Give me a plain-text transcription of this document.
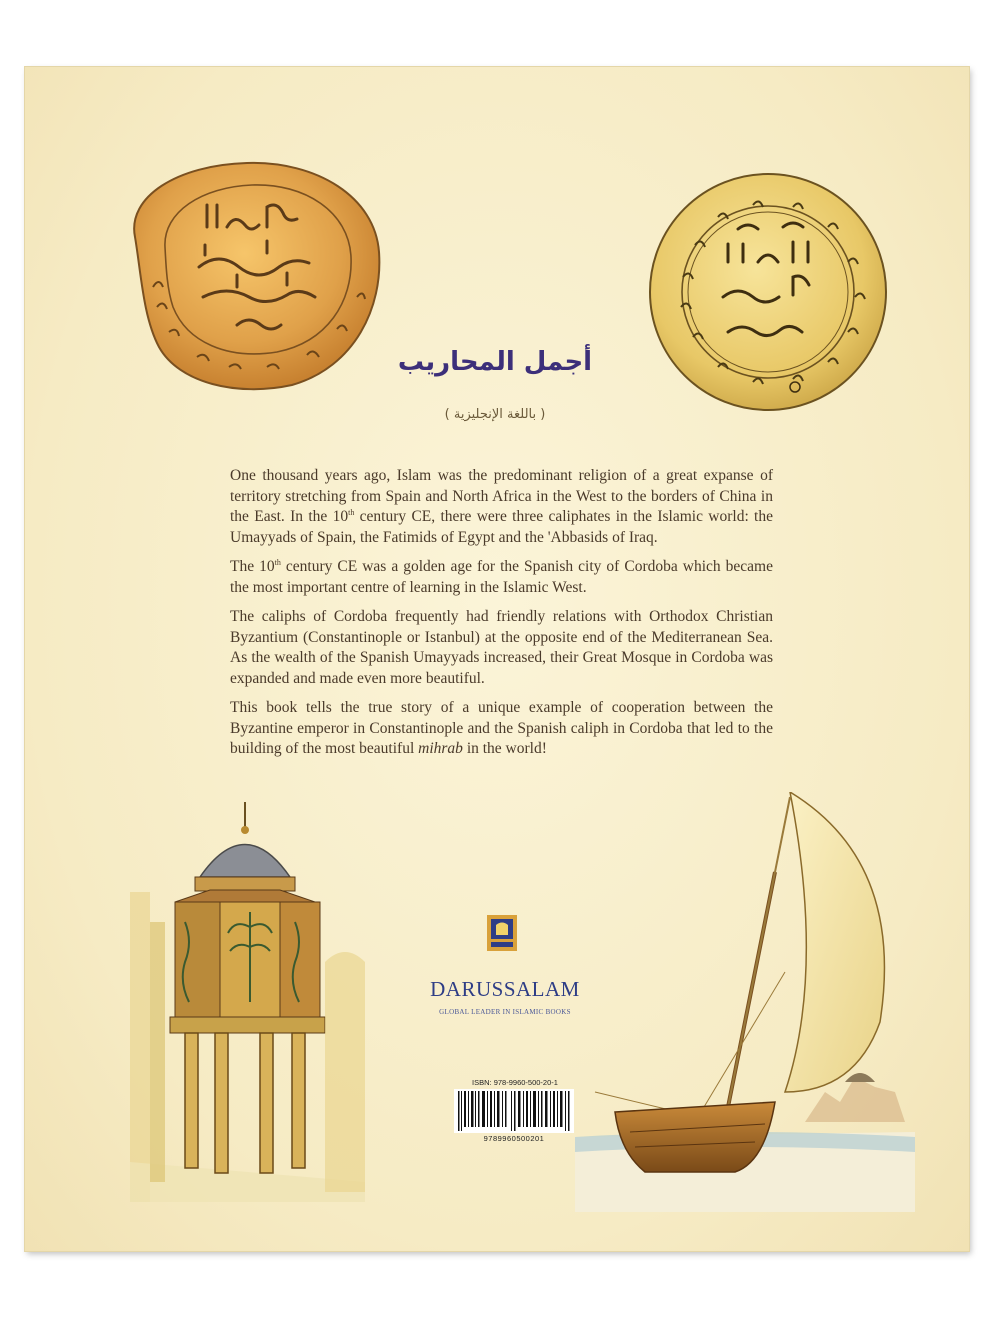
أجمل المحاريب
( باللغة الإنجليزية )

One thousand years ago, Islam was the predominant religion of a great expanse of territory stretching from Spain and North Africa in the West to the borders of China in the East. In the 10th century CE, there were three caliphates in the Islamic world: the Umayyads of Spain, the Fatimids of Egypt and the 'Abbasids of Iraq.

The 10th century CE was a golden age for the Spanish city of Cordoba which became the most important centre of learning in the Islamic West.

The caliphs of Cordoba frequently had friendly relations with Orthodox Christian Byzantium (Constantinople or Istanbul) at the opposite end of the Mediterranean Sea. As the wealth of the Spanish Umayyads increased, their Great Mosque in Cordoba was expanded and made even more beautiful.

This book tells the true story of a unique example of cooperation between the Byzantine emperor in Constantinople and the Spanish caliph in Cordoba that led to the building of the most beautiful mihrab in the world!

DARUSSALAM
GLOBAL LEADER IN ISLAMIC BOOKS
ISBN: 978-9960-500-20-1
9789960500201
